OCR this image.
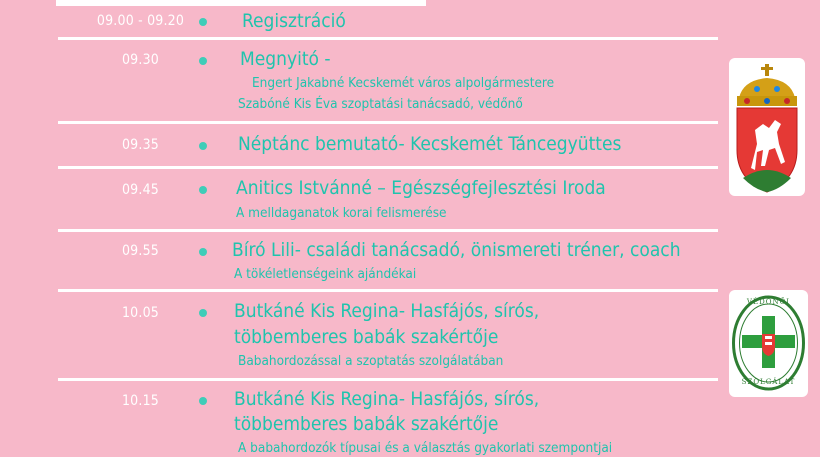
09.00 - 09.20	Regisztráció
09.30	Megnyitó -
Engert Jakabné Kecskemét város alpolgármestere
Szabóné Kis Éva szoptatási tanácsadó, védőnő
09.35	Néptánc bemutató- Kecskemét Táncegyüttes
09.45	Anitics Istvánné – Egészségfejlesztési Iroda
A melldaganatok korai felismerése
09.55	Bíró Lili- családi tanácsadó, önismereti tréner, coach
A tökéletlenségeink ajándékai
10.05	Butkáné Kis Regina- Hasfájós, sírós,
többemberes babák szakértője
Babahordozással a szoptatás szolgálatában
10.15	Butkáné Kis Regina- Hasfájós, sírós,
többemberes babák szakértője
A babahordozók típusai és a választás gyakorlati szempontjai
VÉDŐNŐI
SZOLGÁLAT
